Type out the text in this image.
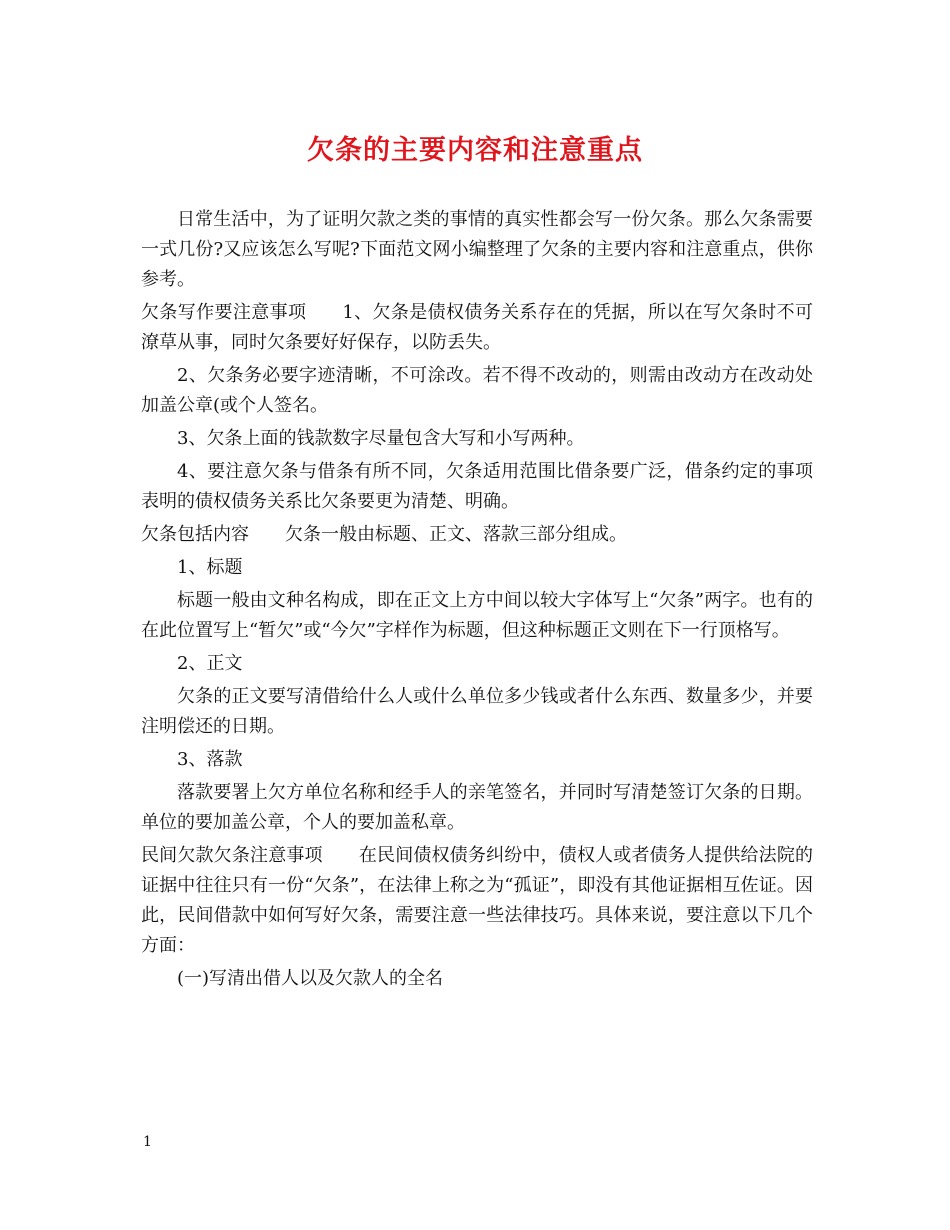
欠条的主要内容和注意重点

日常生活中，为了证明欠款之类的事情的真实性都会写一份欠条。那么欠条需要一式几份?又应该怎么写呢?下面范文网小编整理了欠条的主要内容和注意重点，供你参考。

欠条写作要注意事项 1、欠条是债权债务关系存在的凭据，所以在写欠条时不可潦草从事，同时欠条要好好保存，以防丢失。

2、欠条务必要字迹清晰，不可涂改。若不得不改动的，则需由改动方在改动处加盖公章(或个人签名。

3、欠条上面的钱款数字尽量包含大写和小写两种。

4、要注意欠条与借条有所不同，欠条适用范围比借条要广泛，借条约定的事项表明的债权债务关系比欠条要更为清楚、明确。

欠条包括内容 欠条一般由标题、正文、落款三部分组成。

1、标题

标题一般由文种名构成，即在正文上方中间以较大字体写上“欠条”两字。也有的在此位置写上“暂欠”或“今欠”字样作为标题，但这种标题正文则在下一行顶格写。

2、正文

欠条的正文要写清借给什么人或什么单位多少钱或者什么东西、数量多少，并要注明偿还的日期。

3、落款

落款要署上欠方单位名称和经手人的亲笔签名，并同时写清楚签订欠条的日期。单位的要加盖公章，个人的要加盖私章。

民间欠款欠条注意事项 在民间债权债务纠纷中，债权人或者债务人提供给法院的证据中往往只有一份“欠条”，在法律上称之为“孤证”，即没有其他证据相互佐证。因此，民间借款中如何写好欠条，需要注意一些法律技巧。具体来说，要注意以下几个方面：

(一)写清出借人以及欠款人的全名

1
